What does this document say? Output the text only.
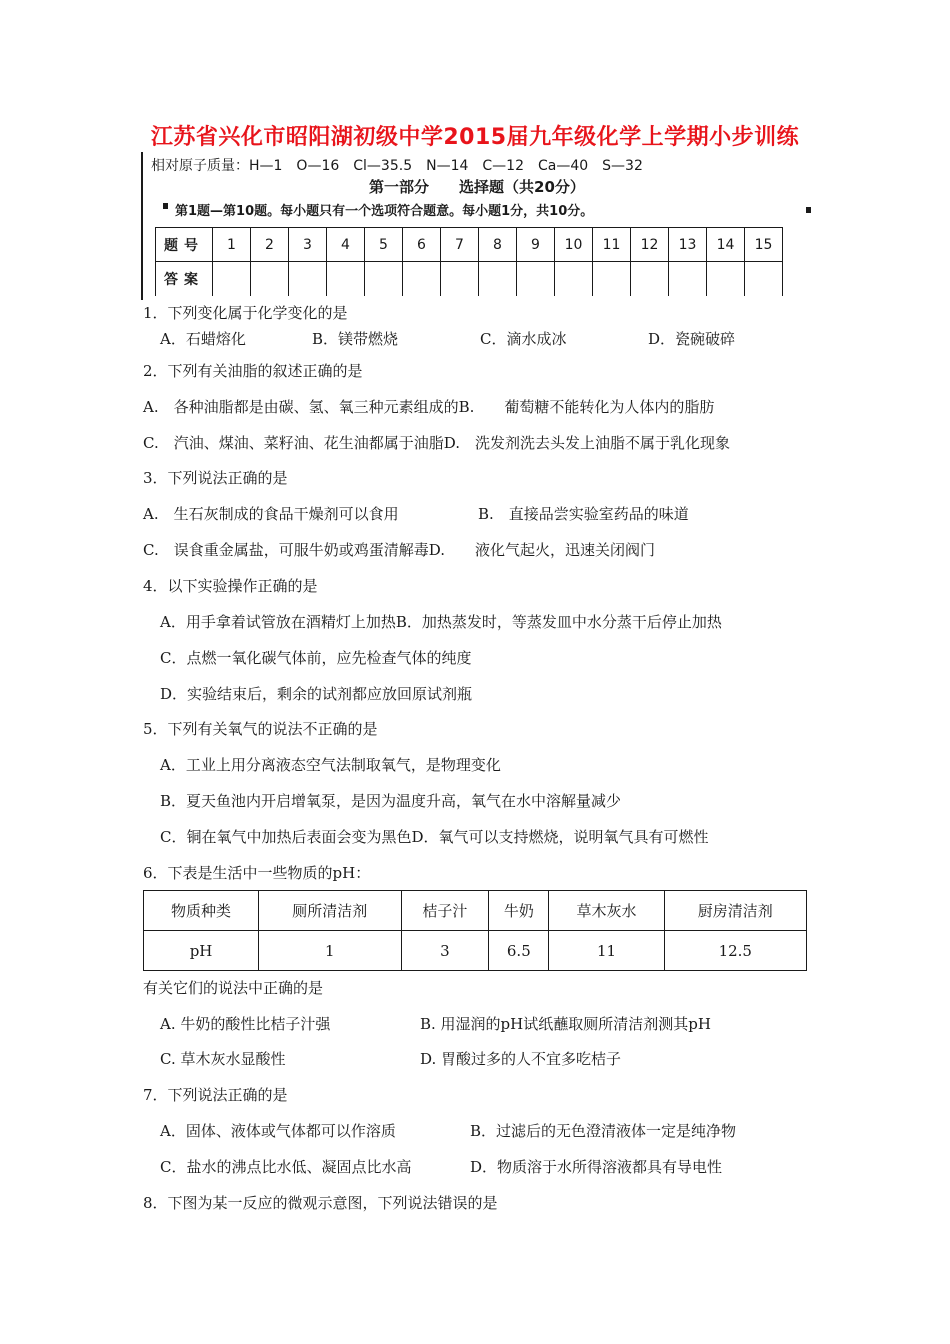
江苏省兴化市昭阳湖初级中学2015届九年级化学上学期小步训练
相对原子质量：H—1　O—16　Cl—35.5　N—14　C—12　Ca—40　S—32
第一部分　　选择题（共20分）
第1题—第10题。每小题只有一个选项符合题意。每小题1分，共10分。
题号	1	2	3	4	5	6	7	8	9	10	11	12	13	14	15
答案															
1．下列变化属于化学变化的是
A．石蜡熔化	B．镁带燃烧	C．滴水成冰	D．瓷碗破碎
2．下列有关油脂的叙述正确的是
A.　各种油脂都是由碳、氢、氧三种元素组成的B.　　葡萄糖不能转化为人体内的脂肪
C.　汽油、煤油、菜籽油、花生油都属于油脂D.　洗发剂洗去头发上油脂不属于乳化现象
3．下列说法正确的是
A.　生石灰制成的食品干燥剂可以食用	B.　直接品尝实验室药品的味道
C.　误食重金属盐，可服牛奶或鸡蛋清解毒D.　　液化气起火，迅速关闭阀门
4．以下实验操作正确的是
A．用手拿着试管放在酒精灯上加热B．加热蒸发时，等蒸发皿中水分蒸干后停止加热
C．点燃一氧化碳气体前，应先检查气体的纯度
D．实验结束后，剩余的试剂都应放回原试剂瓶
5．下列有关氧气的说法不正确的是
A．工业上用分离液态空气法制取氧气，是物理变化
B．夏天鱼池内开启增氧泵，是因为温度升高，氧气在水中溶解量减少
C．铜在氧气中加热后表面会变为黑色D．氧气可以支持燃烧，说明氧气具有可燃性
6．下表是生活中一些物质的pH：
物质种类	厕所清洁剂	桔子汁	牛奶	草木灰水	厨房清洁剂
pH	1	3	6.5	11	12.5
有关它们的说法中正确的是
A. 牛奶的酸性比桔子汁强	B. 用湿润的pH试纸蘸取厕所清洁剂测其pH
C. 草木灰水显酸性	D. 胃酸过多的人不宜多吃桔子
7．下列说法正确的是
A．固体、液体或气体都可以作溶质	B．过滤后的无色澄清液体一定是纯净物
C．盐水的沸点比水低、凝固点比水高	D．物质溶于水所得溶液都具有导电性
8．下图为某一反应的微观示意图，下列说法错误的是
